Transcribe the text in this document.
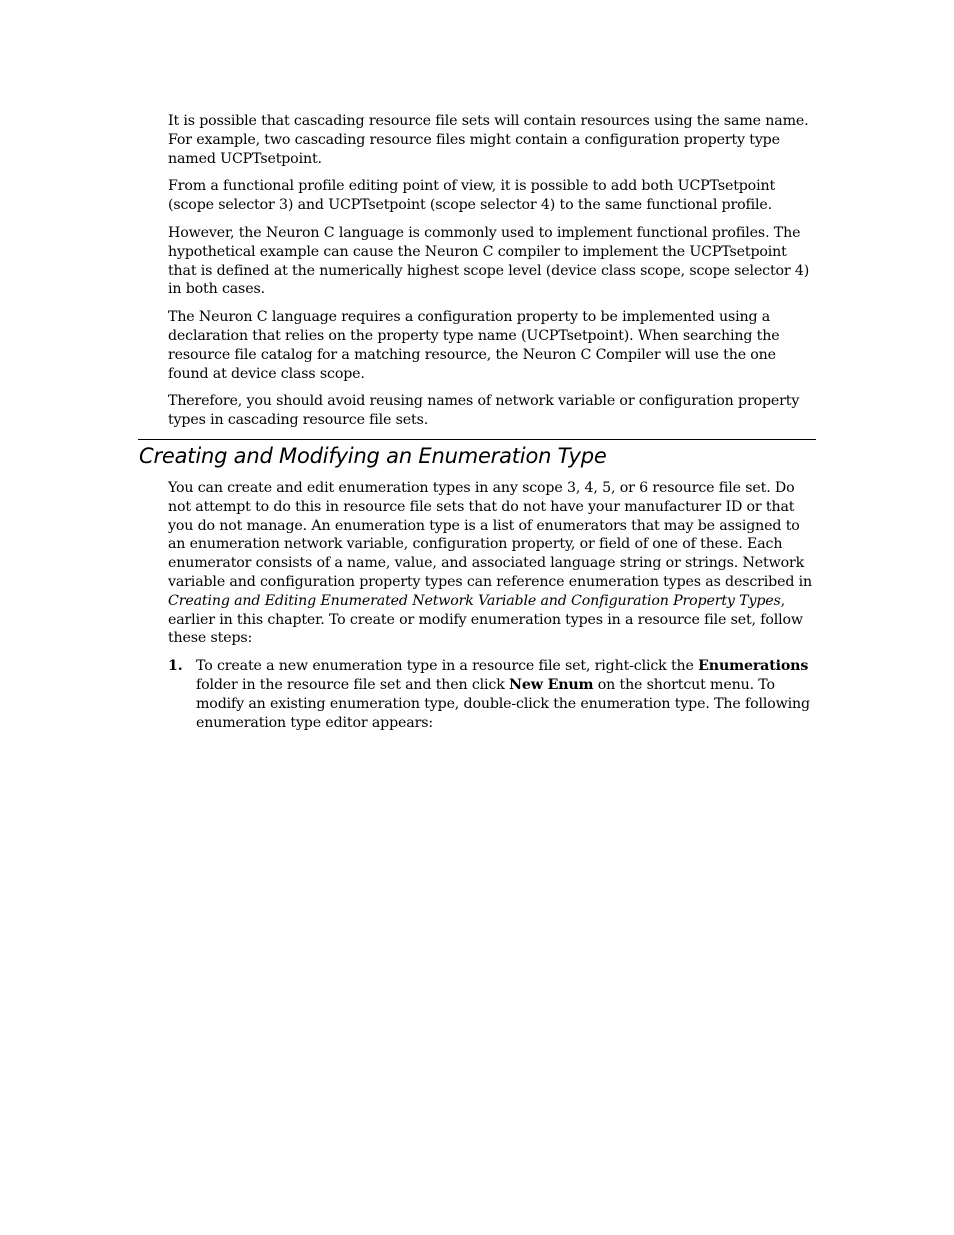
It is possible that cascading resource file sets will contain resources using the same name. For example, two cascading resource files might contain a configuration property type named UCPTsetpoint.

From a functional profile editing point of view, it is possible to add both UCPTsetpoint (scope selector 3) and UCPTsetpoint (scope selector 4) to the same functional profile.

However, the Neuron C language is commonly used to implement functional profiles. The hypothetical example can cause the Neuron C compiler to implement the UCPTsetpoint that is defined at the numerically highest scope level (device class scope, scope selector 4) in both cases.

The Neuron C language requires a configuration property to be implemented using a declaration that relies on the property type name (UCPTsetpoint). When searching the resource file catalog for a matching resource, the Neuron C Compiler will use the one found at device class scope.

Therefore, you should avoid reusing names of network variable or configuration property types in cascading resource file sets.

Creating and Modifying an Enumeration Type

You can create and edit enumeration types in any scope 3, 4, 5, or 6 resource file set. Do not attempt to do this in resource file sets that do not have your manufacturer ID or that you do not manage. An enumeration type is a list of enumerators that may be assigned to an enumeration network variable, configuration property, or field of one of these. Each enumerator consists of a name, value, and associated language string or strings. Network variable and configuration property types can reference enumeration types as described in Creating and Editing Enumerated Network Variable and Configuration Property Types, earlier in this chapter. To create or modify enumeration types in a resource file set, follow these steps:

1. To create a new enumeration type in a resource file set, right-click the Enumerations folder in the resource file set and then click New Enum on the shortcut menu. To modify an existing enumeration type, double-click the enumeration type. The following enumeration type editor appears:
